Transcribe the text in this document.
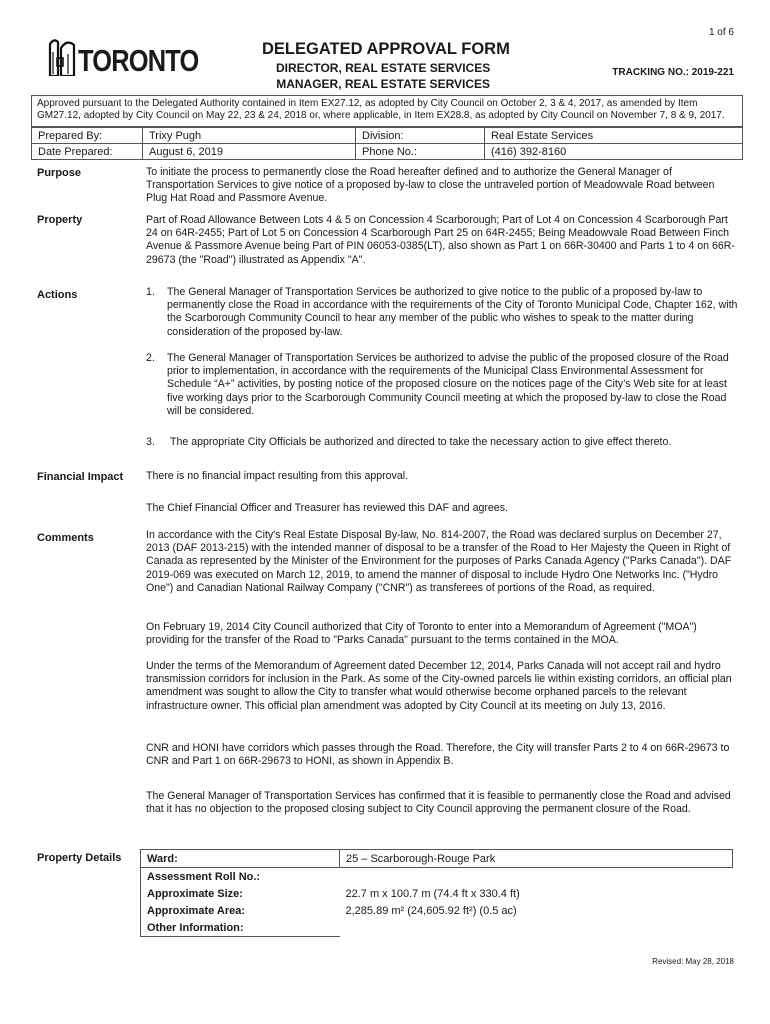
1 of 6
TORONTO	DELEGATED APPROVAL FORM
DIRECTOR, REAL ESTATE SERVICES
MANAGER, REAL ESTATE SERVICES
TRACKING NO.: 2019-221
Approved pursuant to the Delegated Authority contained in Item EX27.12, as adopted by City Council on October 2, 3 & 4, 2017, as amended by Item
GM27.12, adopted by City Council on May 22, 23 & 24, 2018 or, where applicable, in Item EX28.8, as adopted by City Council on November 7, 8 & 9, 2017.
Prepared By:	Trixy Pugh	Division:	Real Estate Services
Date Prepared:	August 6, 2019	Phone No.:	(416) 392-8160
Purpose	To initiate the process to permanently close the Road hereafter defined and to authorize the General Manager of Transportation Services to give notice of a proposed by-law to close the untraveled portion of Meadowvale Road between Plug Hat Road and Passmore Avenue.
Property	Part of Road Allowance Between Lots 4 & 5 on Concession 4 Scarborough; Part of Lot 4 on Concession 4 Scarborough Part 24 on 64R-2455; Part of Lot 5 on Concession 4 Scarborough Part 25 on 64R-2455; Being Meadowvale Road Between Finch Avenue & Passmore Avenue being Part of PIN 06053-0385(LT), also shown as Part 1 on 66R-30400 and Parts 1 to 4 on 66R-29673 (the "Road") illustrated as Appendix "A".
Actions	1. The General Manager of Transportation Services be authorized to give notice to the public of a proposed by-law to permanently close the Road in accordance with the requirements of the City of Toronto Municipal Code, Chapter 162, with the Scarborough Community Council to hear any member of the public who wishes to speak to the matter during consideration of the proposed by-law.
2. The General Manager of Transportation Services be authorized to advise the public of the proposed closure of the Road prior to implementation, in accordance with the requirements of the Municipal Class Environmental Assessment for Schedule “A+” activities, by posting notice of the proposed closure on the notices page of the City’s Web site for at least five working days prior to the Scarborough Community Council meeting at which the proposed by-law to close the Road will be considered.
3. The appropriate City Officials be authorized and directed to take the necessary action to give effect thereto.
Financial Impact There is no financial impact resulting from this approval.
The Chief Financial Officer and Treasurer has reviewed this DAF and agrees.
Comments	In accordance with the City's Real Estate Disposal By-law, No. 814-2007, the Road was declared surplus on December 27, 2013 (DAF 2013-215) with the intended manner of disposal to be a transfer of the Road to Her Majesty the Queen in Right of Canada as represented by the Minister of the Environment for the purposes of Parks Canada Agency ("Parks Canada"). DAF 2019-069 was executed on March 12, 2019, to amend the manner of disposal to include Hydro One Networks Inc. ("Hydro One") and Canadian National Railway Company ("CNR") as transferees of portions of the Road, as required.
On February 19, 2014 City Council authorized that City of Toronto to enter into a Memorandum of Agreement ("MOA") providing for the transfer of the Road to "Parks Canada" pursuant to the terms contained in the MOA.
Under the terms of the Memorandum of Agreement dated December 12, 2014, Parks Canada will not accept rail and hydro transmission corridors for inclusion in the Park. As some of the City-owned parcels lie within existing corridors, an official plan amendment was sought to allow the City to transfer what would otherwise become orphaned parcels to the relevant infrastructure owner. This official plan amendment was adopted by City Council at its meeting on July 13, 2016.
CNR and HONI have corridors which passes through the Road. Therefore, the City will transfer Parts 2 to 4 on 66R-29673 to CNR and Part 1 on 66R-29673 to HONI, as shown in Appendix B.
The General Manager of Transportation Services has confirmed that it is feasible to permanently close the Road and advised that it has no objection to the proposed closing subject to City Council approving the permanent closure of the Road.
Property Details Ward:	25 – Scarborough-Rouge Park
Assessment Roll No.:	
Approximate Size:	22.7 m x 100.7 m (74.4 ft x 330.4 ft)
Approximate Area:	2,285.89 m² (24,605.92 ft²) (0.5 ac)
Other Information:	
Revised: May 28, 2018
